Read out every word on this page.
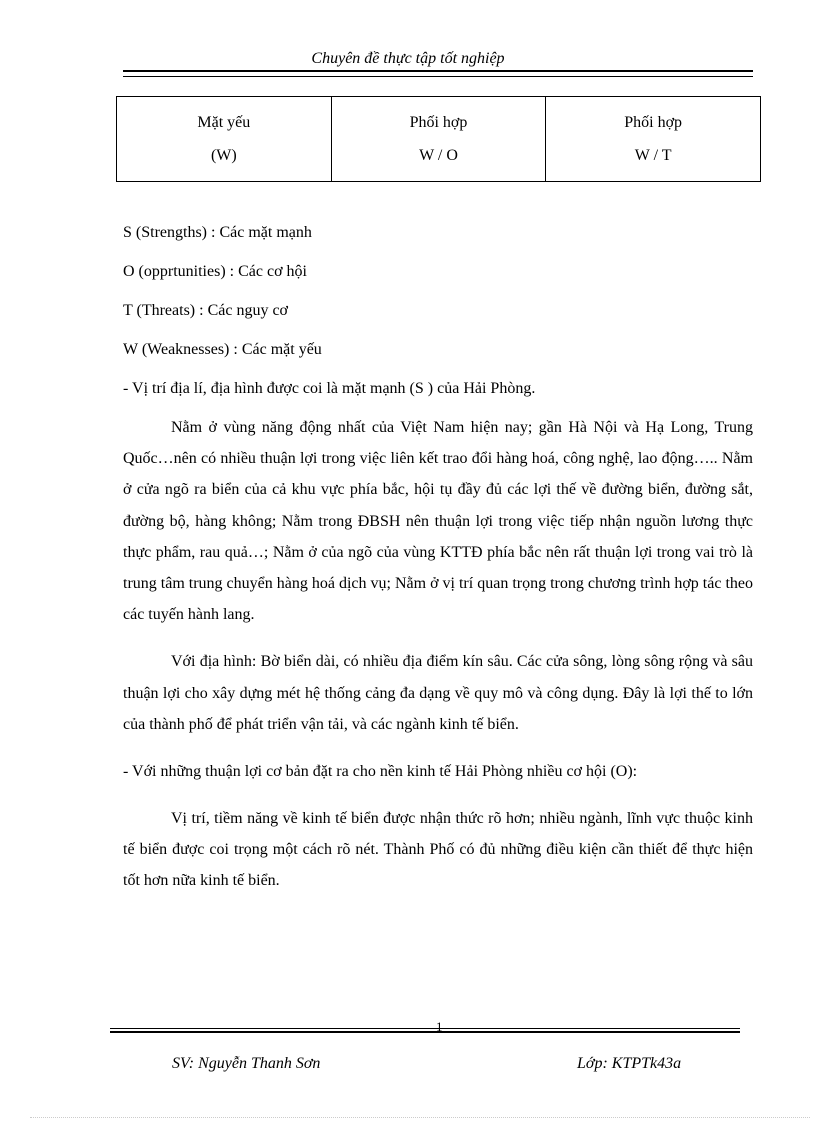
Chuyên đề thực tập tốt nghiệp
Mặt yếu
(W)

Phối hợp
W / O

Phối hợp
W / T
S (Strengths) : Các mặt mạnh
O (opprtunities) : Các cơ hội
T (Threats) : Các nguy cơ
W (Weaknesses) : Các mặt yếu
- Vị trí địa lí, địa hình được coi là mặt mạnh (S ) của Hải Phòng.

Nằm ở vùng năng động nhất của Việt Nam hiện nay; gần Hà Nội và Hạ Long, Trung Quốc…nên có nhiều thuận lợi trong việc liên kết trao đổi hàng hoá, công nghệ, lao động….. Nằm ở cửa ngõ ra biển của cả khu vực phía bắc, hội tụ đầy đủ các lợi thế về đường biển, đường sắt, đường bộ, hàng không; Nằm trong ĐBSH nên thuận lợi trong việc tiếp nhận nguồn lương thực thực phẩm, rau quả…; Nằm ở của ngõ của vùng KTTĐ phía bắc nên rất thuận lợi trong vai trò là trung tâm trung chuyển hàng hoá dịch vụ; Nằm ở vị trí quan trọng trong chương trình hợp tác theo các tuyến hành lang.

Với địa hình: Bờ biển dài, có nhiều địa điểm kín sâu. Các cửa sông, lòng sông rộng và sâu thuận lợi cho xây dựng mét hệ thống cảng đa dạng về quy mô và công dụng. Đây là lợi thế to lớn của thành phố để phát triển vận tải, và các ngành kinh tế biển.

- Với những thuận lợi cơ bản đặt ra cho nền kinh tế Hải Phòng nhiều cơ hội (O):

Vị trí, tiềm năng về kinh tế biển được nhận thức rõ hơn; nhiều ngành, lĩnh vực thuộc kinh tế biển được coi trọng một cách rõ nét. Thành Phố có đủ những điều kiện cần thiết để thực hiện tốt hơn nữa kinh tế biển.

1
SV: Nguyễn Thanh Sơn	Lớp: KTPTk43a
